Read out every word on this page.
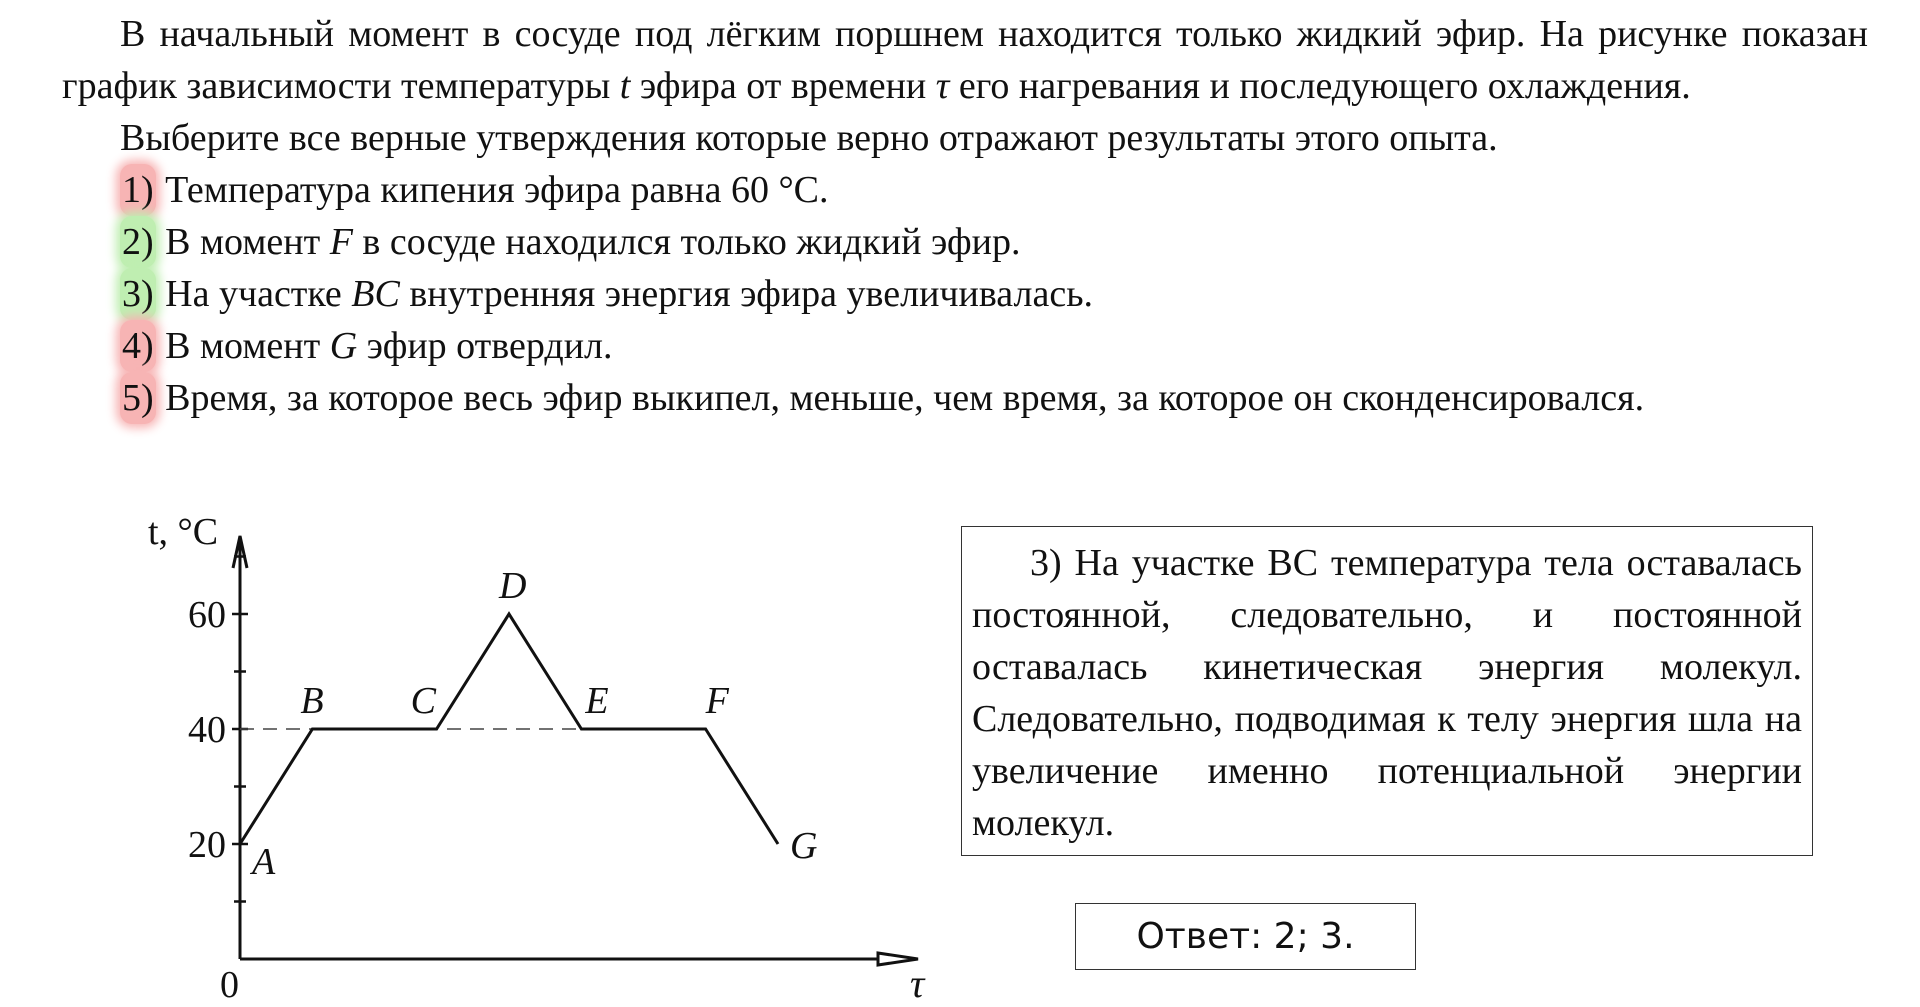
В начальный момент в сосуде под лёгким поршнем находится только жидкий эфир. На рисунке показан график зависимости температуры t эфира от времени τ его нагревания и последующего охлаждения.

Выберите все верные утверждения которые верно отражают результаты этого опыта.

1) Температура кипения эфира равна 60 °C.

2) В момент F в сосуде находился только жидкий эфир.

3) На участке BC внутренняя энергия эфира увеличивалась.

4) В момент G эфир отвердил.

5) Время, за которое весь эфир выкипел, меньше, чем время, за которое он сконденсировался.

20
40
60
t, °C
0	τ
A
B C
D
E	F
G
3) На участке BC температура тела оставалась постоянной, следовательно, и постоянной оставалась кинетическая энергия молекул. Следовательно, подводимая к телу энергия шла на увеличение именно потенциальной энергии молекул.
Ответ: 2; 3.
